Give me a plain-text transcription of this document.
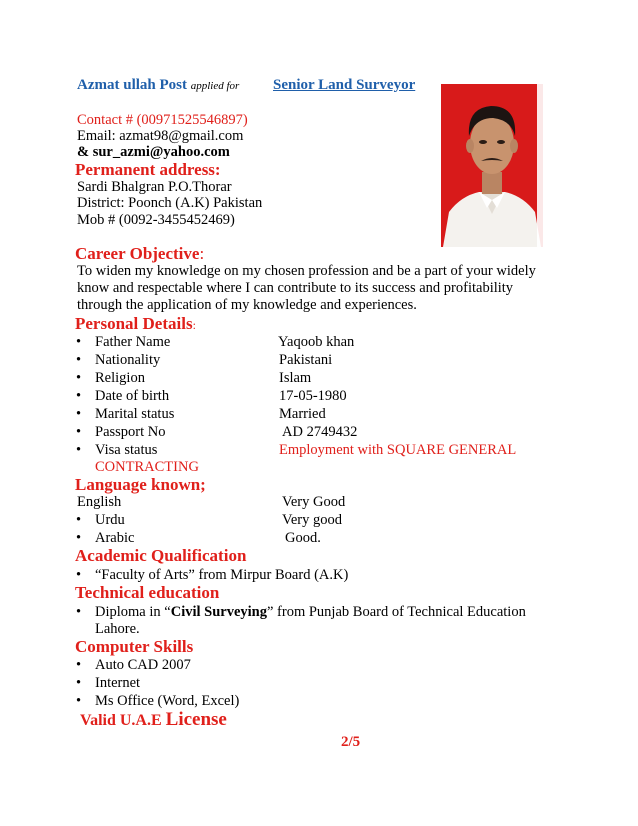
Azmat ullah Post applied for Senior Land Surveyor
Contact # (00971525546897)
Email: azmat98@gmail.com
& sur_azmi@yahoo.com
Permanent address:
Sardi Bhalgran P.O.Thorar
District: Poonch (A.K) Pakistan
Mob # (0092-3455452469)
Career Objective:
To widen my knowledge on my chosen profession and be a part of your widely
know and respectable where I can contribute to its success and profitability
through the application of my knowledge and experiences.
Personal Details:
• Father Name	Yaqoob khan
• Nationality	Pakistani
• Religion	Islam
• Date of birth	17-05-1980
• Marital status	Married
• Passport No	AD 2749432
• Visa status	Employment with SQUARE GENERAL
CONTRACTING
Language known;
English	Very Good
• Urdu	Very good
• Arabic	Good.
Academic Qualification
• “Faculty of Arts” from Mirpur Board (A.K)
Technical education
• Diploma in “Civil Surveying” from Punjab Board of Technical Education
Lahore.
Computer Skills
• Auto CAD 2007
• Internet
• Ms Office (Word, Excel)
Valid U.A.E License
2/5
